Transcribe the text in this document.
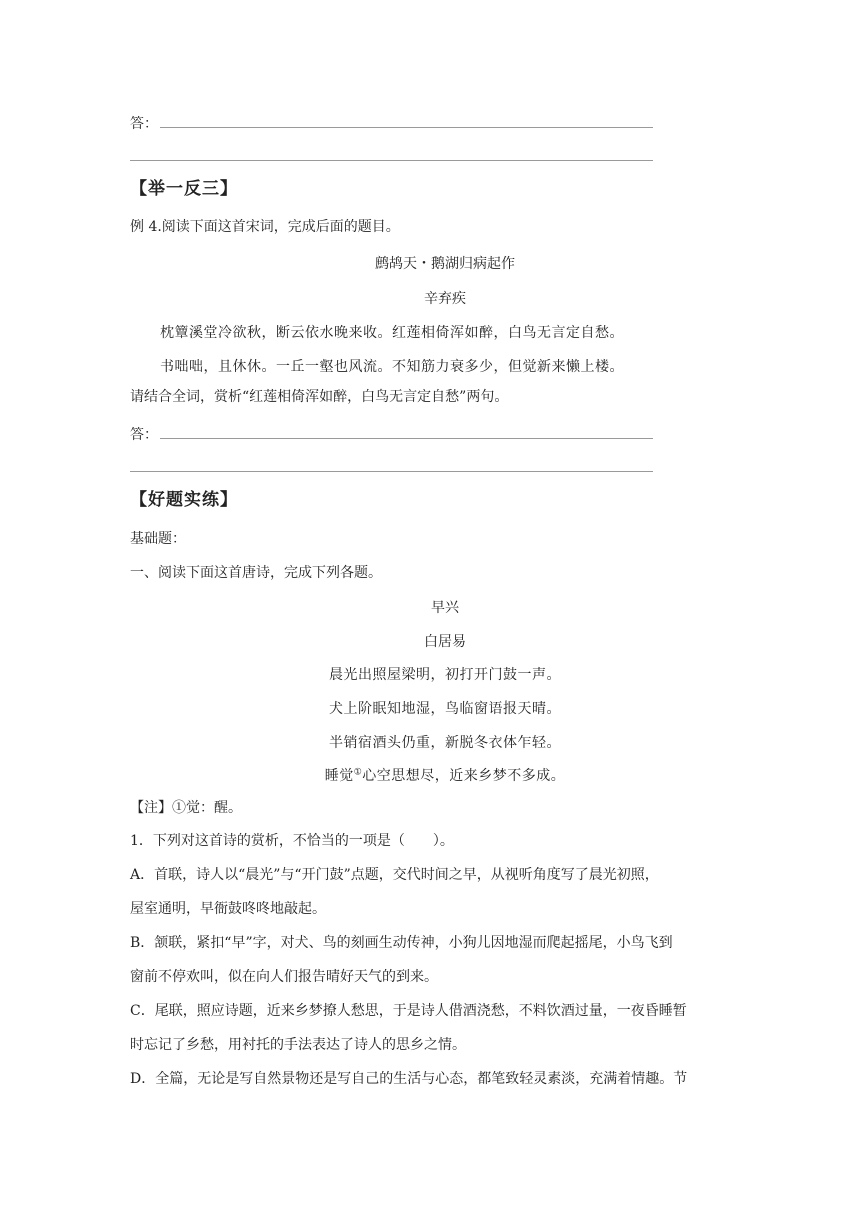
答：
【举一反三】
例 4.阅读下面这首宋词，完成后面的题目。
鹧鸪天・鹅湖归病起作
辛弃疾
枕簟溪堂冷欲秋，断云依水晚来收。红莲相倚浑如醉，白鸟无言定自愁。
书咄咄，且休休。一丘一壑也风流。不知筋力衰多少，但觉新来懒上楼。
请结合全词，赏析“红莲相倚浑如醉，白鸟无言定自愁”两句。
答：
【好题实练】
基础题：
一、阅读下面这首唐诗，完成下列各题。
早兴
白居易
晨光出照屋梁明，初打开门鼓一声。
犬上阶眠知地湿，鸟临窗语报天晴。
半销宿酒头仍重，新脱冬衣体乍轻。
睡觉①心空思想尽，近来乡梦不多成。
【注】①觉：醒。
1．下列对这首诗的赏析，不恰当的一项是（　　）。
A．首联，诗人以“晨光”与“开门鼓”点题，交代时间之早，从视听角度写了晨光初照，
屋室通明，早衙鼓咚咚地敲起。
B．颔联，紧扣“早”字，对犬、鸟的刻画生动传神，小狗儿因地湿而爬起摇尾，小鸟飞到
窗前不停欢叫，似在向人们报告晴好天气的到来。
C．尾联，照应诗题，近来乡梦撩人愁思，于是诗人借酒浇愁，不料饮酒过量，一夜昏睡暂
时忘记了乡愁，用衬托的手法表达了诗人的思乡之情。
D．全篇，无论是写自然景物还是写自己的生活与心态，都笔致轻灵素淡，充满着情趣。节
